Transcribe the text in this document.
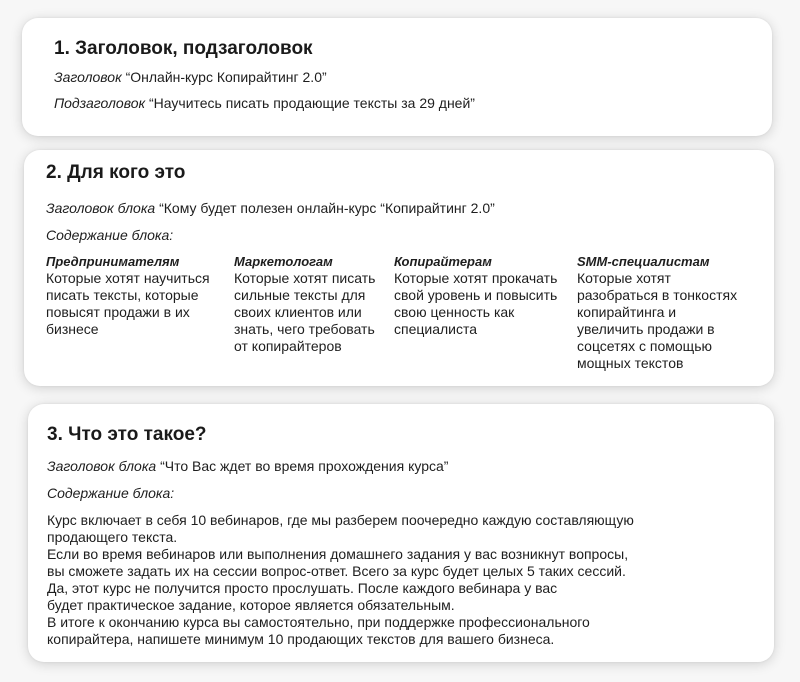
1. Заголовок, подзаголовок

Заголовок “Онлайн-курс Копирайтинг 2.0”

Подзаголовок “Научитесь писать продающие тексты за 29 дней”

2. Для кого это

Заголовок блока “Кому будет полезен онлайн-курс “Копирайтинг 2.0”

Содержание блока:

Предпринимателям
Которые хотят научиться
писать тексты, которые
повысят продажи в их
бизнесе
Маркетологам
Которые хотят писать
сильные тексты для
своих клиентов или
знать, чего требовать
от копирайтеров
Копирайтерам
Которые хотят прокачать
свой уровень и повысить
свою ценность как
специалиста
SMM-специалистам
Которые хотят
разобраться в тонкостях
копирайтинга и
увеличить продажи в
соцсетях с помощью
мощных текстов
3. Что это такое?

Заголовок блока “Что Вас ждет во время прохождения курса”

Содержание блока:

Курс включает в себя 10 вебинаров, где мы разберем поочередно каждую составляющую
продающего текста.
Если во время вебинаров или выполнения домашнего задания у вас возникнут вопросы,
вы сможете задать их на сессии вопрос-ответ. Всего за курс будет целых 5 таких сессий.
Да, этот курс не получится просто прослушать. После каждого вебинара у вас
будет практическое задание, которое является обязательным.
В итоге к окончанию курса вы самостоятельно, при поддержке профессионального
копирайтера, напишете минимум 10 продающих текстов для вашего бизнеса.
